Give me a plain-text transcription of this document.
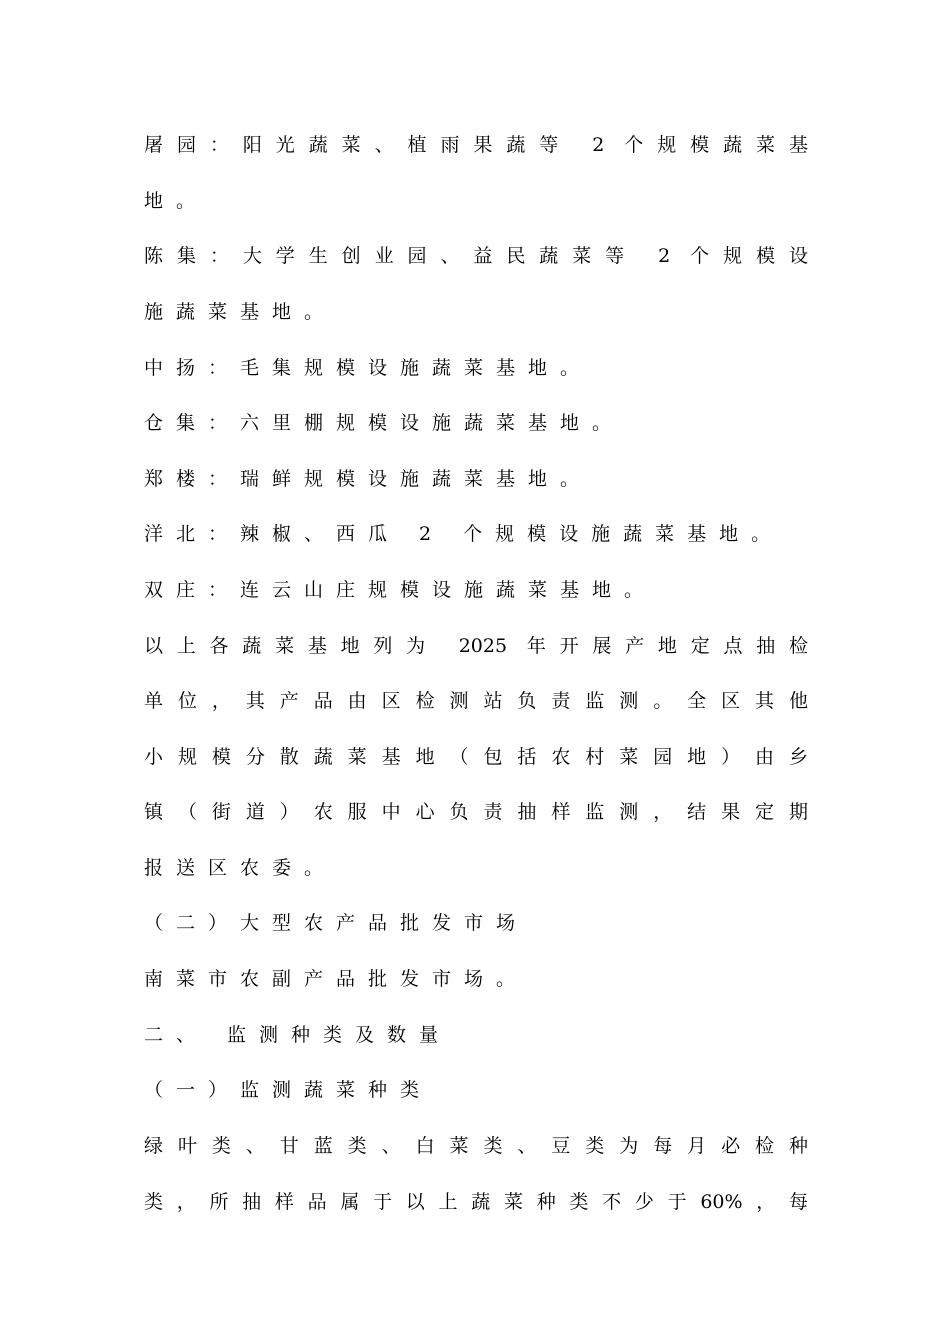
屠园：阳光蔬菜、植雨果蔬等 2 个规模蔬菜基
地。
陈集：大学生创业园、益民蔬菜等 2 个规模设
施蔬菜基地。
中扬：毛集规模设施蔬菜基地。
仓集：六里棚规模设施蔬菜基地。
郑楼：瑞鲜规模设施蔬菜基地。
洋北：辣椒、西瓜 2 个规模设施蔬菜基地。
双庄：连云山庄规模设施蔬菜基地。
以上各蔬菜基地列为 2025 年开展产地定点抽检
单位，其产品由区检测站负责监测。全区其他
小规模分散蔬菜基地（包括农村菜园地）由乡
镇（街道）农服中心负责抽样监测，结果定期
报送区农委。
（二）大型农产品批发市场
南菜市农副产品批发市场。
二、 监测种类及数量
（一）监测蔬菜种类
绿叶类、甘蓝类、白菜类、豆类为每月必检种
类，所抽样品属于以上蔬菜种类不少于60%，每
